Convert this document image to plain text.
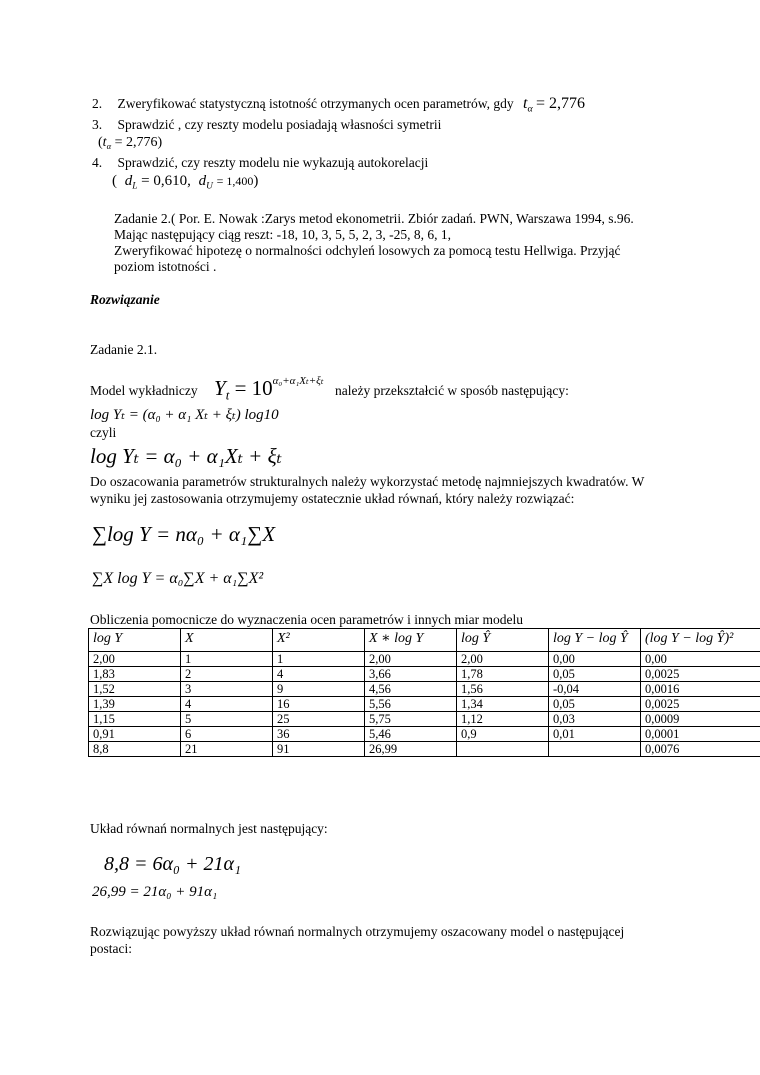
2. Zweryfikować statystyczną istotność otrzymanych ocen parametrów, gdy $t_\alpha = 2,776$
3. Sprawdzić , czy reszty modelu posiadają własności symetrii
$(t_\alpha = 2,776)$
4. Sprawdzić, czy reszty modelu nie wykazują autokorelacji
( $d_L = 0,610$, $d_U = 1,400$)
Zadanie 2.( Por. E. Nowak :Zarys metod ekonometrii. Zbiór zadań. PWN, Warszawa 1994, s.96.
Mając następujący ciąg reszt: -18, 10, 3, 5, 5, 2, 3, -25, 8, 6, 1,
Zweryfikować hipotezę o normalności odchyleń losowych za pomocą testu Hellwiga. Przyjąć
poziom istotności .
Rozwiązanie
Zadanie 2.1.
Model wykładniczy $Y_t = 10^{\alpha_0+\alpha_1X_t+\xi_t}$
należy przekształcić w sposób następujący:
log Yₜ = (α₀ + α₁ Xₜ + ξₜ) log10
czyli
log Yₜ = α₀ + α₁Xₜ + ξₜ
Do oszacowania parametrów strukturalnych należy wykorzystać metodę najmniejszych kwadratów. W
wyniku jej zastosowania otrzymujemy ostatecznie układ równań, który należy rozwiązać:
∑log Y = nα₀ + α₁∑X
∑X log Y = α₀∑X + α₁∑X²
Obliczenia pomocnicze do wyznaczenia ocen parametrów i innych miar modelu
log Y	X	X²	X ∗ log Y	log Ŷ	log Y − log Ŷ	(log Y − log Ŷ)²
2,00	1	1	2,00	2,00	0,00	0,00
1,83	2	4	3,66	1,78	0,05	0,0025
1,52	3	9	4,56	1,56	-0,04	0,0016
1,39	4	16	5,56	1,34	0,05	0,0025
1,15	5	25	5,75	1,12	0,03	0,0009
0,91	6	36	5,46	0,9	0,01	0,0001
8,8	21	91	26,99			0,0076
Układ równań normalnych jest następujący:
8,8 = 6α₀ + 21α₁
26,99 = 21α₀ + 91α₁
Rozwiązując powyższy układ równań normalnych otrzymujemy oszacowany model o następującej
postaci:
